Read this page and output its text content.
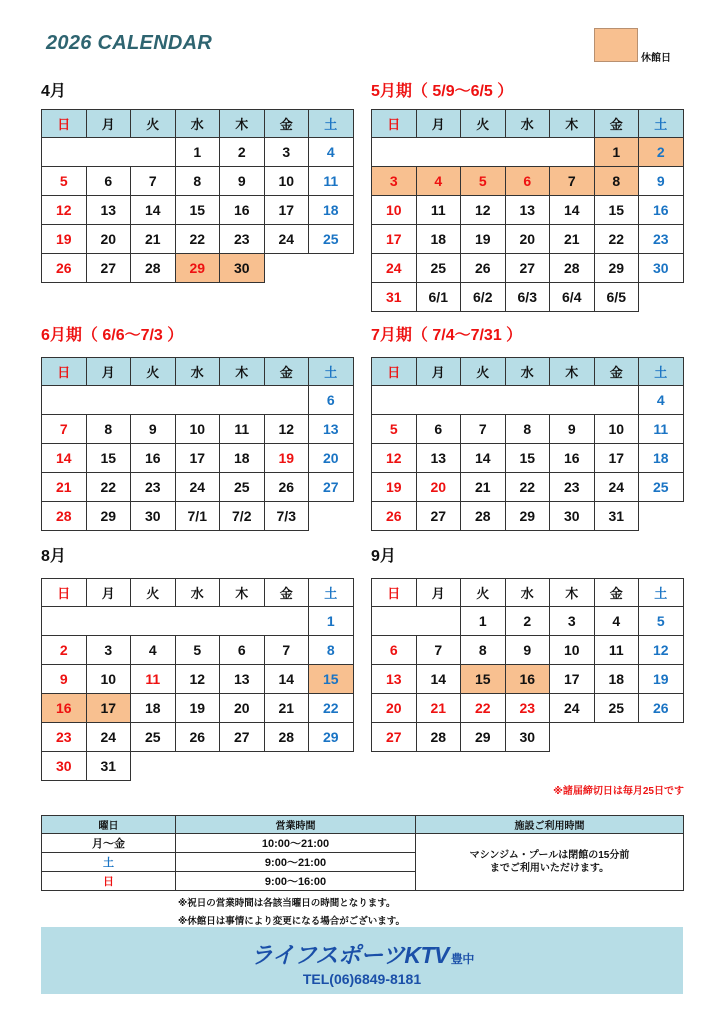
2026 CALENDAR
休館日
4月
日	月	火	水	木	金	土
			1	2	3	4
5	6	7	8	9	10	11
12	13	14	15	16	17	18
19	20	21	22	23	24	25
26	27	28	29	30		
5月期（ 5/9～6/5 ）
日	月	火	水	木	金	土
					1	2
3	4	5	6	7	8	9
10	11	12	13	14	15	16
17	18	19	20	21	22	23
24	25	26	27	28	29	30
31	6/1	6/2	6/3	6/4	6/5	
6月期（ 6/6～7/3 ）
日	月	火	水	木	金	土
						6
7	8	9	10	11	12	13
14	15	16	17	18	19	20
21	22	23	24	25	26	27
28	29	30	7/1	7/2	7/3	
7月期（ 7/4～7/31 ）
日	月	火	水	木	金	土
						4
5	6	7	8	9	10	11
12	13	14	15	16	17	18
19	20	21	22	23	24	25
26	27	28	29	30	31	
8月
日	月	火	水	木	金	土
						1
2	3	4	5	6	7	8
9	10	11	12	13	14	15
16	17	18	19	20	21	22
23	24	25	26	27	28	29
30	31					
9月
日	月	火	水	木	金	土
		1	2	3	4	5
6	7	8	9	10	11	12
13	14	15	16	17	18	19
20	21	22	23	24	25	26
27	28	29	30			
※諸届締切日は毎月25日です
曜日	営業時間	施設ご利用時間
月～金	10:00～21:00	マシンジム・プールは閉館の15分前
までご利用いただけます。

土	9:00～21:00	
日	9:00～16:00	
※祝日の営業時間は各該当曜日の時間となります。
※休館日は事情により変更になる場合がございます。
ライフスポーツKTV 豊中
TEL(06)6849-8181
